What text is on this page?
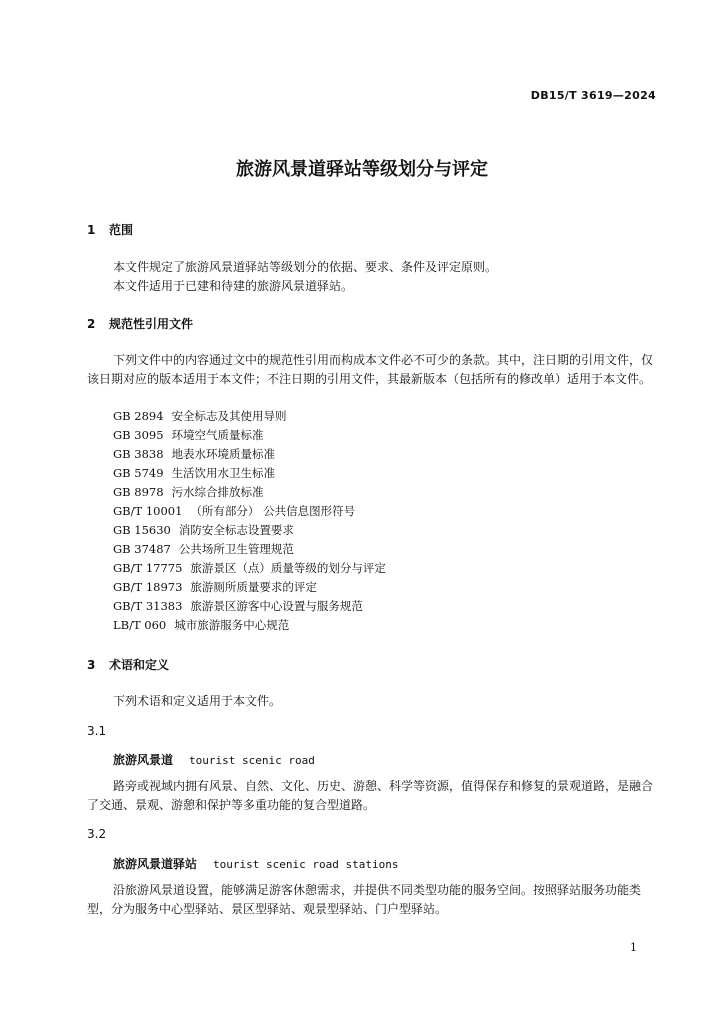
DB15/T 3619—2024
旅游风景道驿站等级划分与评定
1 范围
本文件规定了旅游风景道驿站等级划分的依据、要求、条件及评定原则。
本文件适用于已建和待建的旅游风景道驿站。
2 规范性引用文件
下列文件中的内容通过文中的规范性引用而构成本文件必不可少的条款。其中，注日期的引用文件，仅该日期对应的版本适用于本文件；不注日期的引用文件，其最新版本（包括所有的修改单）适用于本文件。
GB 2894 安全标志及其使用导则
GB 3095 环境空气质量标准
GB 3838 地表水环境质量标准
GB 5749 生活饮用水卫生标准
GB 8978 污水综合排放标准
GB/T 10001 （所有部分） 公共信息图形符号
GB 15630 消防安全标志设置要求
GB 37487 公共场所卫生管理规范
GB/T 17775 旅游景区（点）质量等级的划分与评定
GB/T 18973 旅游厕所质量要求的评定
GB/T 31383 旅游景区游客中心设置与服务规范
LB/T 060 城市旅游服务中心规范
3 术语和定义
下列术语和定义适用于本文件。
3.1
旅游风景道 tourist scenic road
路旁或视域内拥有风景、自然、文化、历史、游憩、科学等资源，值得保存和修复的景观道路，是融合了交通、景观、游憩和保护等多重功能的复合型道路。
3.2
旅游风景道驿站 tourist scenic road stations
沿旅游风景道设置，能够满足游客休憩需求，并提供不同类型功能的服务空间。按照驿站服务功能类型，分为服务中心型驿站、景区型驿站、观景型驿站、门户型驿站。
1
